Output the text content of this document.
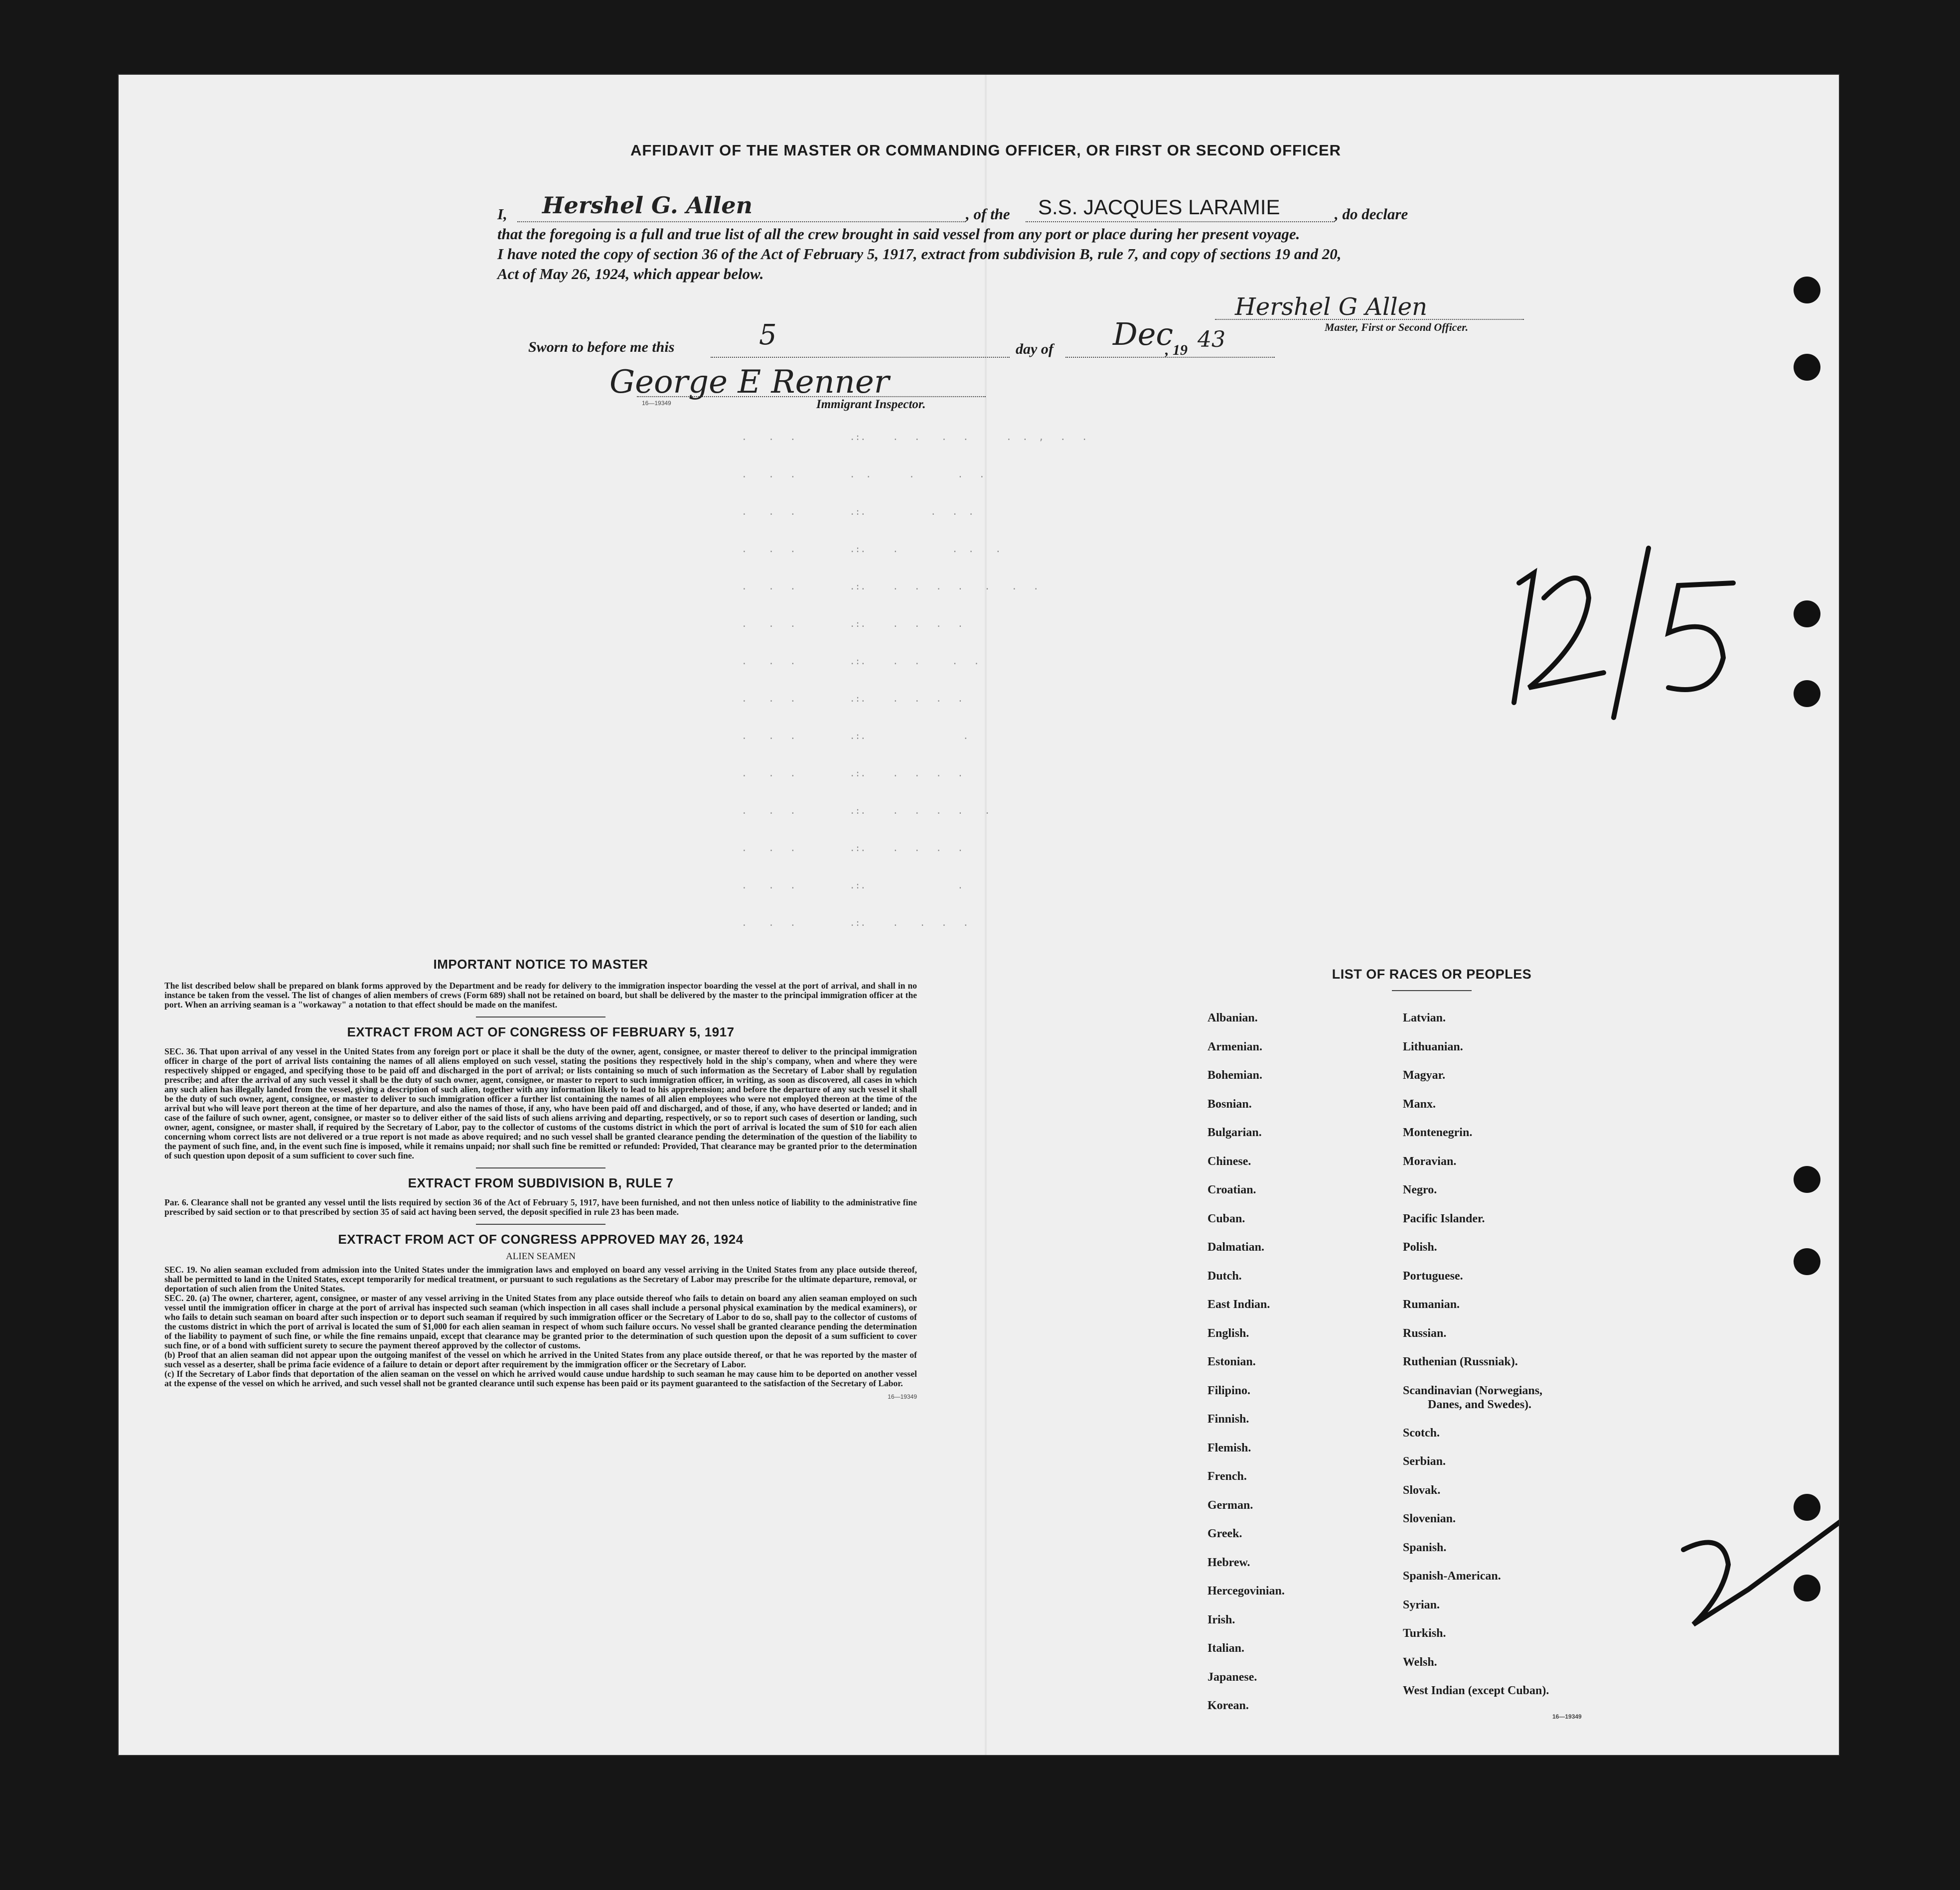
AFFIDAVIT OF THE MASTER OR COMMANDING OFFICER, OR FIRST OR SECOND OFFICER
I, Hershel G. Allen	, of the S.S. JACQUES LARAMIE	, do declare
that the foregoing is a full and true list of all the crew brought in said vessel from any port or place during her present voyage.
I have noted the copy of section 36 of the Act of February 5, 1917, extract from subdivision B, rule 7, and copy of sections 19 and 20,
Act of May 26, 1924, which appear below.
Hershel G Allen
Master, First or Second Officer.
Sworn to before me this	5	day of Dec
, 19 43
George E Renner
16—19349	Immigrant Inspector.
.    .   .          .:.     .   .    .   .       .  .  ,   .   .
.    .   .          .  .       .        .   .
.    .   .          .:.            .   .  .
.    .   .          .:.     .          .  .    .
.    .   .          .:.     .   .   .   .    .    .   .
.    .   .          .:.     .   .   .   .
.    .   .          .:.     .   .      .   .
.    .   .          .:.     .   .   .   .
.    .   .          .:.                  .
.    .   .          .:.     .   .   .   .
.    .   .          .:.     .   .   .   .    .
.    .   .          .:.     .   .   .   .
.    .   .          .:.                 .
.    .   .          .:.     .    .   .   .
IMPORTANT NOTICE TO MASTER
The list described below shall be prepared on blank forms approved by the Department and be ready for delivery to the immigration inspector boarding the vessel at the port of arrival, and shall in no instance be taken from the vessel. The list of changes of alien members of crews (Form 689) shall not be retained on board, but shall be delivered by the master to the principal immigration officer at the port. When an arriving seaman is a "workaway" a notation to that effect should be made on the manifest.
EXTRACT FROM ACT OF CONGRESS OF FEBRUARY 5, 1917
SEC. 36. That upon arrival of any vessel in the United States from any foreign port or place it shall be the duty of the owner, agent, consignee, or master thereof to deliver to the principal immigration officer in charge of the port of arrival lists containing the names of all aliens employed on such vessel, stating the positions they respectively hold in the ship's company, when and where they were respectively shipped or engaged, and specifying those to be paid off and discharged in the port of arrival; or lists containing so much of such information as the Secretary of Labor shall by regulation prescribe; and after the arrival of any such vessel it shall be the duty of such owner, agent, consignee, or master to report to such immigration officer, in writing, as soon as discovered, all cases in which any such alien has illegally landed from the vessel, giving a description of such alien, together with any information likely to lead to his apprehension; and before the departure of any such vessel it shall be the duty of such owner, agent, consignee, or master to deliver to such immigration officer a further list containing the names of all alien employees who were not employed thereon at the time of the arrival but who will leave port thereon at the time of her departure, and also the names of those, if any, who have been paid off and discharged, and of those, if any, who have deserted or landed; and in case of the failure of such owner, agent, consignee, or master so to deliver either of the said lists of such aliens arriving and departing, respectively, or so to report such cases of desertion or landing, such owner, agent, consignee, or master shall, if required by the Secretary of Labor, pay to the collector of customs of the customs district in which the port of arrival is located the sum of $10 for each alien concerning whom correct lists are not delivered or a true report is not made as above required; and no such vessel shall be granted clearance pending the determination of the question of the liability to the payment of such fine, and, in the event such fine is imposed, while it remains unpaid; nor shall such fine be remitted or refunded: Provided, That clearance may be granted prior to the determination of such question upon deposit of a sum sufficient to cover such fine.
EXTRACT FROM SUBDIVISION B, RULE 7
Par. 6. Clearance shall not be granted any vessel until the lists required by section 36 of the Act of February 5, 1917, have been furnished, and not then unless notice of liability to the administrative fine prescribed by said section or to that prescribed by section 35 of said act having been served, the deposit specified in rule 23 has been made.
EXTRACT FROM ACT OF CONGRESS APPROVED MAY 26, 1924
ALIEN SEAMEN
SEC. 19. No alien seaman excluded from admission into the United States under the immigration laws and employed on board any vessel arriving in the United States from any place outside thereof, shall be permitted to land in the United States, except temporarily for medical treatment, or pursuant to such regulations as the Secretary of Labor may prescribe for the ultimate departure, removal, or deportation of such alien from the United States.
SEC. 20. (a) The owner, charterer, agent, consignee, or master of any vessel arriving in the United States from any place outside thereof who fails to detain on board any alien seaman employed on such vessel until the immigration officer in charge at the port of arrival has inspected such seaman (which inspection in all cases shall include a personal physical examination by the medical examiners), or who fails to detain such seaman on board after such inspection or to deport such seaman if required by such immigration officer or the Secretary of Labor to do so, shall pay to the collector of customs of the customs district in which the port of arrival is located the sum of $1,000 for each alien seaman in respect of whom such failure occurs. No vessel shall be granted clearance pending the determination of the liability to payment of such fine, or while the fine remains unpaid, except that clearance may be granted prior to the determination of such question upon the deposit of a sum sufficient to cover such fine, or of a bond with sufficient surety to secure the payment thereof approved by the collector of customs.
(b) Proof that an alien seaman did not appear upon the outgoing manifest of the vessel on which he arrived in the United States from any place outside thereof, or that he was reported by the master of such vessel as a deserter, shall be prima facie evidence of a failure to detain or deport after requirement by the immigration officer or the Secretary of Labor.
(c) If the Secretary of Labor finds that deportation of the alien seaman on the vessel on which he arrived would cause undue hardship to such seaman he may cause him to be deported on another vessel at the expense of the vessel on which he arrived, and such vessel shall not be granted clearance until such expense has been paid or its payment guaranteed to the satisfaction of the Secretary of Labor.
16—19349
LIST OF RACES OR PEOPLES
Albanian.
Armenian.
Bohemian.
Bosnian.
Bulgarian.
Chinese.
Croatian.
Cuban.
Dalmatian.
Dutch.
East Indian.
English.
Estonian.
Filipino.
Finnish.
Flemish.
French.
German.
Greek.
Hebrew.
Hercegovinian.
Irish.
Italian.
Japanese.
Korean.
Latvian.
Lithuanian.
Magyar.
Manx.
Montenegrin.
Moravian.
Negro.
Pacific Islander.
Polish.
Portuguese.
Rumanian.
Russian.
Ruthenian (Russniak).
Scandinavian (Norwegians,
Danes, and Swedes).
Scotch.
Serbian.
Slovak.
Slovenian.
Spanish.
Spanish-American.
Syrian.
Turkish.
Welsh.
West Indian (except Cuban).
16—19349
